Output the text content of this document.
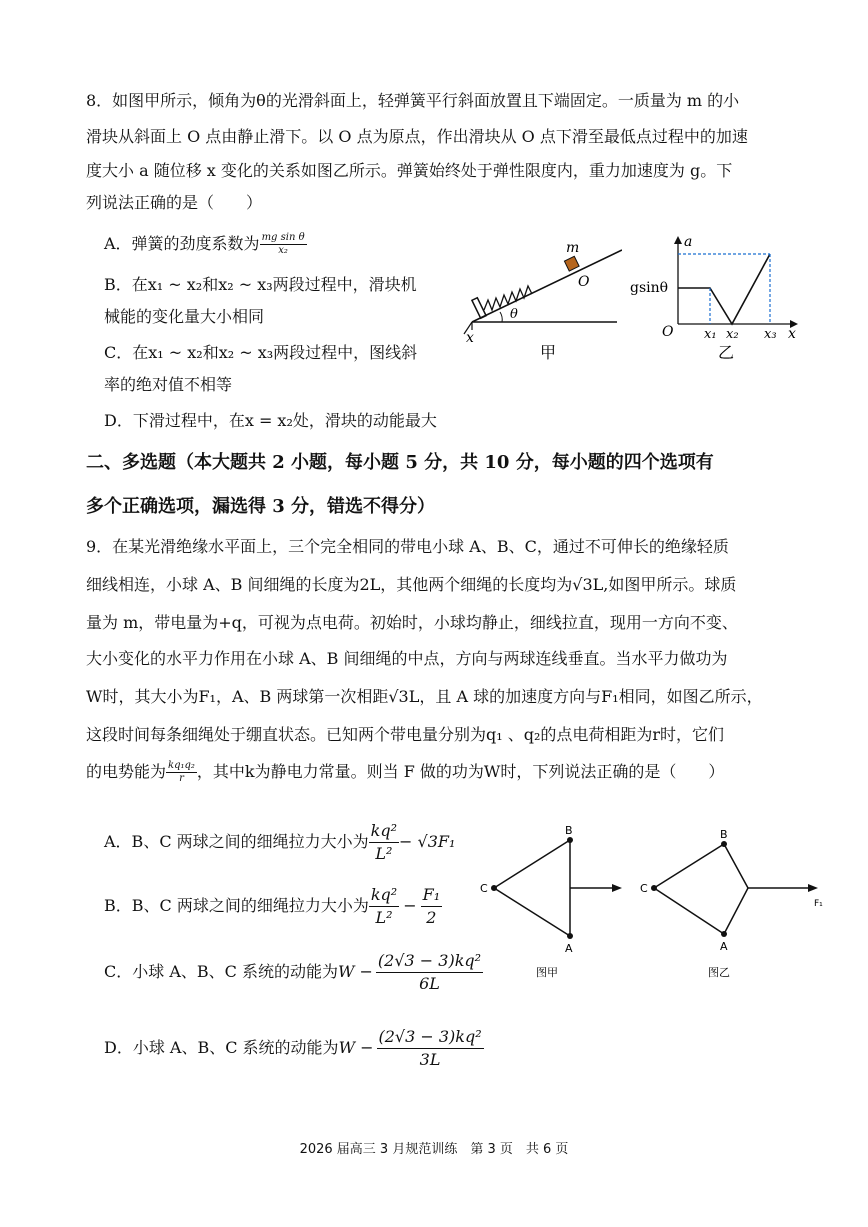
8．如图甲所示，倾角为θ的光滑斜面上，轻弹簧平行斜面放置且下端固定。一质量为 m 的小
滑块从斜面上 O 点由静止滑下。以 O 点为原点，作出滑块从 O 点下滑至最低点过程中的加速
度大小 a 随位移 x 变化的关系如图乙所示。弹簧始终处于弹性限度内，重力加速度为 g。下
列说法正确的是（　　）
A．弹簧的劲度系数为 $\frac{\text{mg sin θ}}{\text{x₂}}$
B．在x₁ ~ x₂和x₂ ~ x₃两段过程中，滑块机
械能的变化量大小相同
C．在x₁ ~ x₂和x₂ ~ x₃两段过程中，图线斜
率的绝对值不相等
D．下滑过程中，在x = x₂处，滑块的动能最大
m
O
θ
x
甲
a
gsinθ
O x₁ x₂ x₃ x
乙
二、多选题（本大题共 2 小题，每小题 5 分，共 10 分，每小题的四个选项有
多个正确选项，漏选得 3 分，错选不得分）
9．在某光滑绝缘水平面上，三个完全相同的带电小球 A、B、C，通过不可伸长的绝缘轻质
细线相连，小球 A、B 间细绳的长度为2L，其他两个细绳的长度均为√3L,如图甲所示。球质
量为 m，带电量为+q，可视为点电荷。初始时，小球均静止，细线拉直，现用一方向不变、
大小变化的水平力作用在小球 A、B 间细绳的中点，方向与两球连线垂直。当水平力做功为
W时，其大小为F₁，A、B 两球第一次相距√3L，且 A 球的加速度方向与F₁相同，如图乙所示，
这段时间每条细绳处于绷直状态。已知两个带电量分别为q₁ 、q₂的点电荷相距为r时，它们
的电势能为 $\frac{\text{kq₁q₂}}{r}$ ，其中k为静电力常量。则当 F 做的功为W时，下列说法正确的是（　　）
A．B、C 两球之间的细绳拉力大小为 $\frac{\text{kq²}}{\text{L²}} - √3F_1$
B．B、C 两球之间的细绳拉力大小为 $\frac{\text{kq²}}{\text{L²}} - \frac{\text{F₁}}{2}$
C．小球 A、B、C 系统的动能为$W - \frac{\text{(2√3 − 3)kq²}}{6L}$
D．小球 A、B、C 系统的动能为$W - \frac{\text{(2√3 − 3)kq²}}{3L}$
C
B
A
图甲
C
B
A
F₁
图乙
2026 届高三 3 月规范训练　第 3 页　共 6 页
